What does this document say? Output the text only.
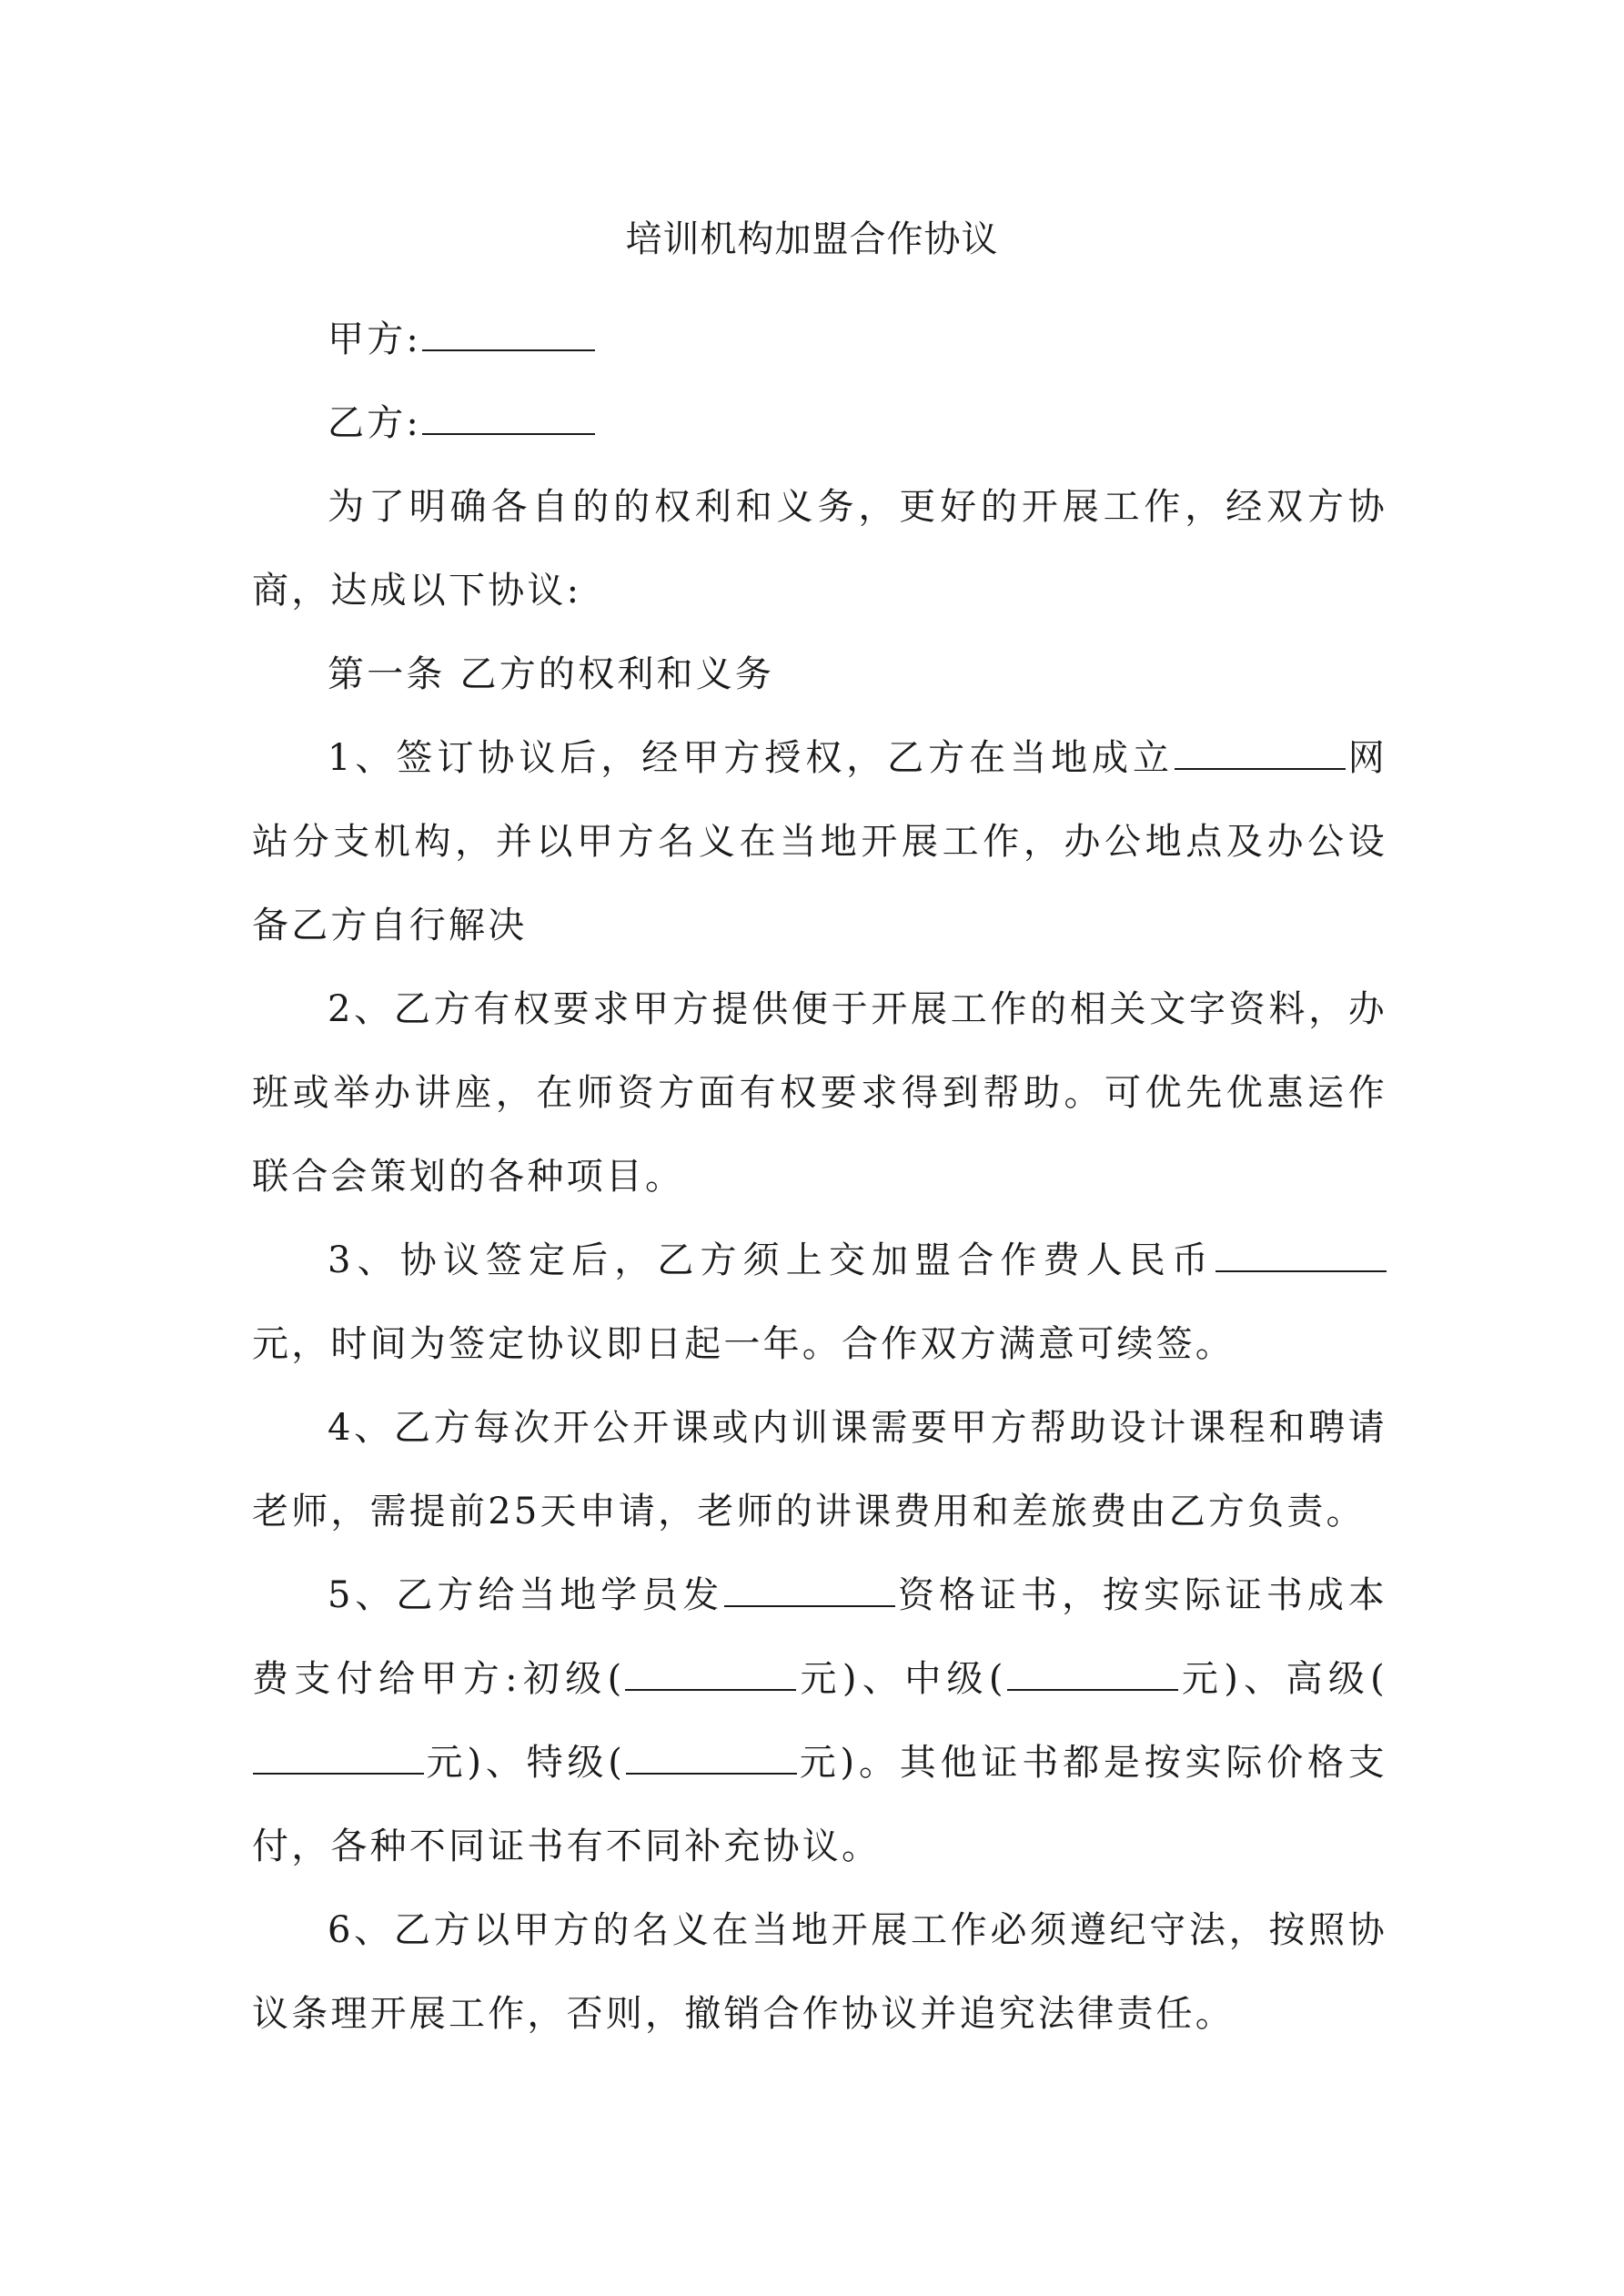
培训机构加盟合作协议

甲方:

乙方:

为了明确各自的的权利和义务，更好的开展工作，经双方协商，达成以下协议:

第一条 乙方的权利和义务

1、签订协议后，经甲方授权，乙方在当地成立	网站分支机构，并以甲方名义在当地开展工作，办公地点及办公设备乙方自行解决

2、乙方有权要求甲方提供便于开展工作的相关文字资料，办班或举办讲座，在师资方面有权要求得到帮助。可优先优惠运作联合会策划的各种项目。

3、协议签定后，乙方须上交加盟合作费人民币元，时间为签定协议即日起一年。合作双方满意可续签。

4、乙方每次开公开课或内训课需要甲方帮助设计课程和聘请老师，需提前25天申请，老师的讲课费用和差旅费由乙方负责。

5、乙方给当地学员发	资格证书，按实际证书成本费支付给甲方:初级(	元)、中级(	元)、高级(元)、特级(	元)。其他证书都是按实际价格支付，各种不同证书有不同补充协议。

6、乙方以甲方的名义在当地开展工作必须遵纪守法，按照协议条理开展工作，否则，撤销合作协议并追究法律责任。
